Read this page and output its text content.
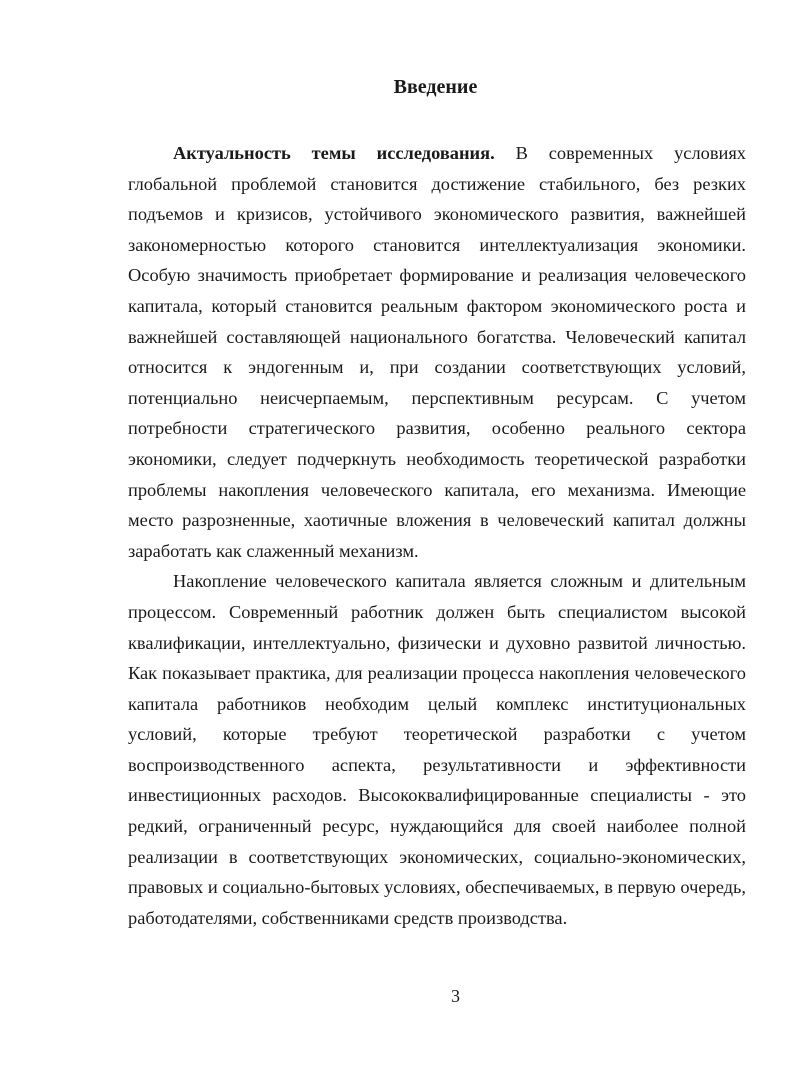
Введение

Актуальность темы исследования. В современных условиях глобальной проблемой становится достижение стабильного, без резких подъемов и кризисов, устойчивого экономического развития, важнейшей закономерностью которого становится интеллектуализация экономики. Особую значимость приобретает формирование и реализация человеческого капитала, который становится реальным фактором экономического роста и важнейшей составляющей национального богатства. Человеческий капитал относится к эндогенным и, при создании соответствующих условий, потенциально неисчерпаемым, перспективным ресурсам. С учетом потребности стратегического развития, особенно реального сектора экономики, следует подчеркнуть необходимость теоретической разработки проблемы накопления человеческого капитала, его механизма. Имеющие место разрозненные, хаотичные вложения в человеческий капитал должны заработать как слаженный механизм.

Накопление человеческого капитала является сложным и длительным процессом. Современный работник должен быть специалистом высокой квалификации, интеллектуально, физически и духовно развитой личностью. Как показывает практика, для реализации процесса накопления человеческого капитала работников необходим целый комплекс институциональных условий, которые требуют теоретической разработки с учетом воспроизводственного аспекта, результативности и эффективности инвестиционных расходов. Высококвалифицированные специалисты - это редкий, ограниченный ресурс, нуждающийся для своей наиболее полной реализации в соответствующих экономических, социально-экономических, правовых и социально-бытовых условиях, обеспечиваемых, в первую очередь, работодателями, собственниками средств производства.

3
